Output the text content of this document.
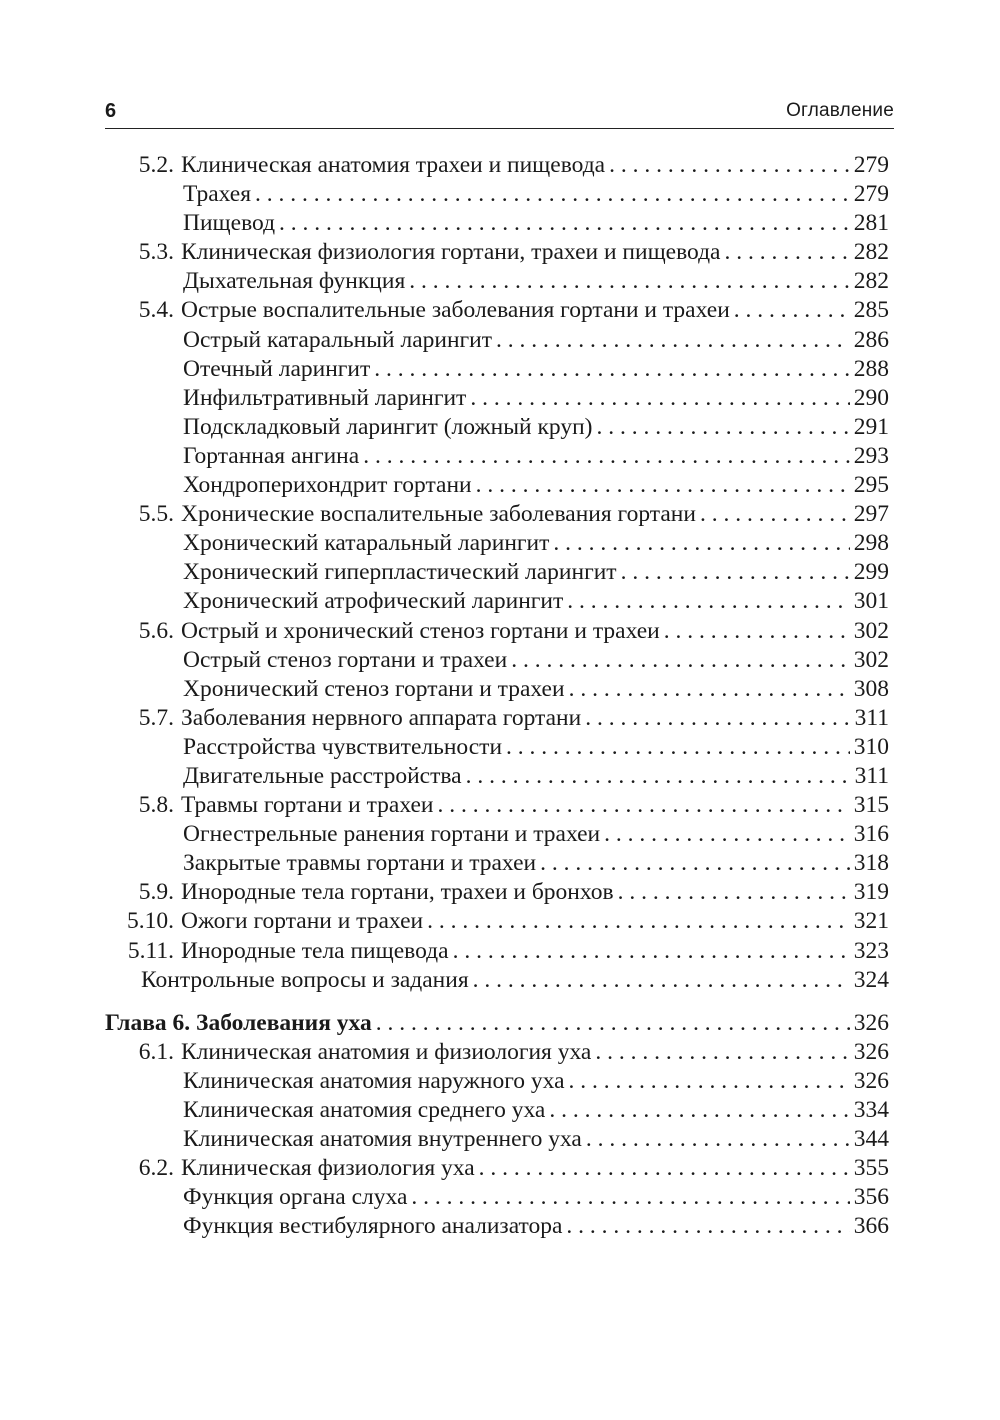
6	Оглавление
5.2. Клиническая анатомия трахеи и пищевода . . .	279
Трахея . . .	279
Пищевод . . .	281
5.3. Клиническая физиология гортани, трахеи и пищевода . . .	282
Дыхательная функция . . .	282
5.4. Острые воспалительные заболевания гортани и трахеи . . .	285
Острый катаральный ларингит . . .	286
Отечный ларингит . . .	288
Инфильтративный ларингит . . .	290
Подскладковый ларингит (ложный круп) . . .	291
Гортанная ангина . . .	293
Хондроперихондрит гортани . . .	295
5.5. Хронические воспалительные заболевания гортани . . .	297
Хронический катаральный ларингит . . .	298
Хронический гиперпластический ларингит . . .	299
Хронический атрофический ларингит . . .	301
5.6. Острый и хронический стеноз гортани и трахеи . . .	302
Острый стеноз гортани и трахеи . . .	302
Хронический стеноз гортани и трахеи . . .	308
5.7. Заболевания нервного аппарата гортани . . .	311
Расстройства чувствительности . . .	310
Двигательные расстройства . . .	311
5.8. Травмы гортани и трахеи . . .	315
Огнестрельные ранения гортани и трахеи . . .	316
Закрытые травмы гортани и трахеи . . .	318
5.9. Инородные тела гортани, трахеи и бронхов . . .	319
5.10. Ожоги гортани и трахеи . . .	321
5.11. Инородные тела пищевода . . .	323
Контрольные вопросы и задания . . .	324
Глава 6. Заболевания уха . . .	326
6.1. Клиническая анатомия и физиология уха . . .	326
Клиническая анатомия наружного уха . . .	326
Клиническая анатомия среднего уха . . .	334
Клиническая анатомия внутреннего уха . . .	344
6.2. Клиническая физиология уха . . .	355
Функция органа слуха . . .	356
Функция вестибулярного анализатора . . .	366
